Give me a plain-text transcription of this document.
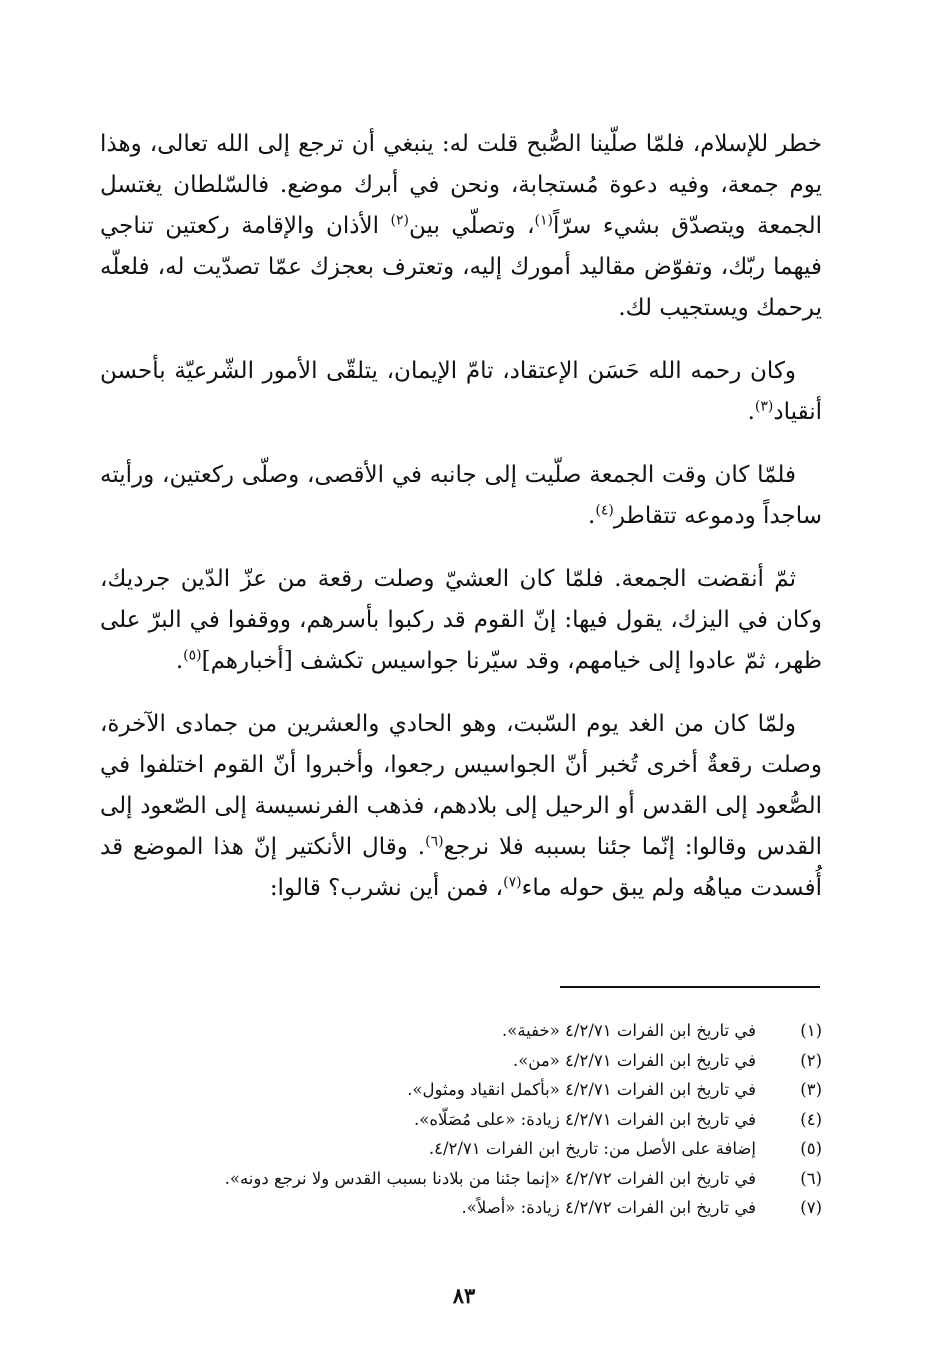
خطر للإسلام، فلمّا صلّينا الصُّبح قلت له: ينبغي أن ترجع إلى الله تعالى، وهذا يوم جمعة، وفيه دعوة مُستجابة، ونحن في أبرك موضع. فالسّلطان يغتسل الجمعة ويتصدّق بشيء سرّاً$^{(١)}$، وتصلّي بين$^{(٢)}$ الأذان والإقامة ركعتين تناجي فيهما ربّك، وتفوّض مقاليد أمورك إليه، وتعترف بعجزك عمّا تصدّيت له، فلعلّه يرحمك ويستجيب لك.

وكان رحمه الله حَسَن الإعتقاد، تامّ الإيمان، يتلقّى الأمور الشّرعيّة بأحسن أنقياد$^{(٣)}$.

فلمّا كان وقت الجمعة صلّيت إلى جانبه في الأقصى، وصلّى ركعتين، ورأيته ساجداً ودموعه تتقاطر$^{(٤)}$.

ثمّ أنقضت الجمعة. فلمّا كان العشيّ وصلت رقعة من عزّ الدّين جرديك، وكان في اليزك، يقول فيها: إنّ القوم قد ركبوا بأسرهم، ووقفوا في البرّ على ظهر، ثمّ عادوا إلى خيامهم، وقد سيّرنا جواسيس تكشف [أخبارهم]$^{(٥)}$.

ولمّا كان من الغد يوم السّبت، وهو الحادي والعشرين من جمادى الآخرة، وصلت رقعةٌ أخرى تُخبر أنّ الجواسيس رجعوا، وأخبروا أنّ القوم اختلفوا في الصُّعود إلى القدس أو الرحيل إلى بلادهم، فذهب الفرنسيسة إلى الصّعود إلى القدس وقالوا: إنّما جئنا بسببه فلا نرجع$^{(٦)}$. وقال الأنكتير إنّ هذا الموضع قد أُفسدت مياهُه ولم يبق حوله ماء$^{(٧)}$، فمن أين نشرب؟ قالوا:

(١)
في تاريخ ابن الفرات ٤/٢/٧١ «خفية».
(٢)
في تاريخ ابن الفرات ٤/٢/٧١ «من».
(٣)
في تاريخ ابن الفرات ٤/٢/٧١ «بأكمل انقياد ومثول».
(٤)
في تاريخ ابن الفرات ٤/٢/٧١ زيادة: «على مُصَلّاه».
(٥)
إضافة على الأصل من: تاريخ ابن الفرات ٤/٢/٧١.
(٦)
في تاريخ ابن الفرات ٤/٢/٧٢ «إنما جئنا من بلادنا بسبب القدس ولا نرجع دونه».
(٧)
في تاريخ ابن الفرات ٤/٢/٧٢ زيادة: «أصلاً».
٨٣
